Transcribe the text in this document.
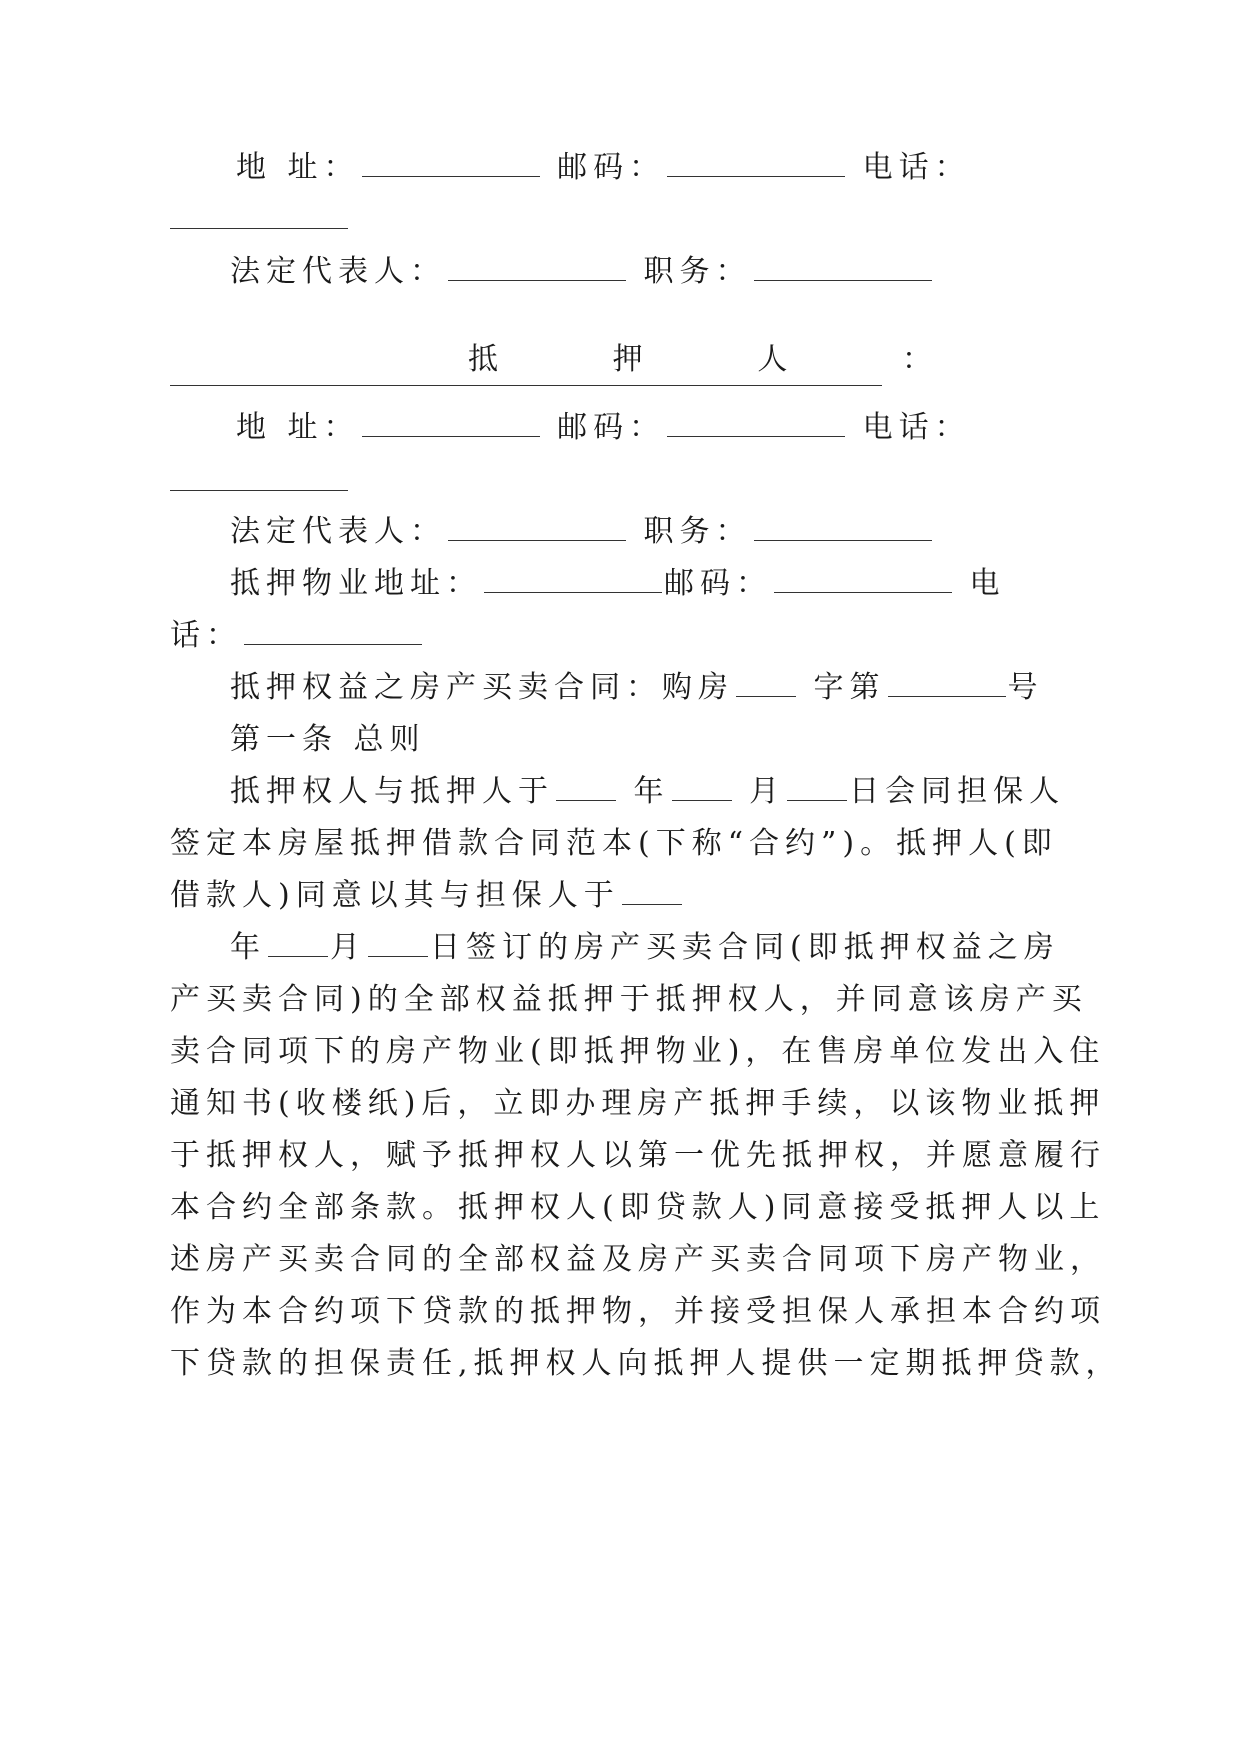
地 址：	邮码：	电话：
法定代表人：	职务：
抵	押	人	：
地 址：	邮码：	电话：
法定代表人：	职务：
抵押物业地址：	邮码：	电
话：
抵押权益之房产买卖合同：购房	字第	号
第一条 总则
抵押权人与抵押人于	年	月 日会同担保人
签定本房屋抵押借款合同范本(下称“合约”)。抵押人(即
借款人)同意以其与担保人于
年 月 日签订的房产买卖合同(即抵押权益之房
产买卖合同)的全部权益抵押于抵押权人，并同意该房产买
卖合同项下的房产物业(即抵押物业)，在售房单位发出入住
通知书(收楼纸)后，立即办理房产抵押手续，以该物业抵押
于抵押权人，赋予抵押权人以第一优先抵押权，并愿意履行
本合约全部条款。抵押权人(即贷款人)同意接受抵押人以上
述房产买卖合同的全部权益及房产买卖合同项下房产物业，
作为本合约项下贷款的抵押物，并接受担保人承担本合约项
下贷款的担保责任,抵押权人向抵押人提供一定期抵押贷款，
